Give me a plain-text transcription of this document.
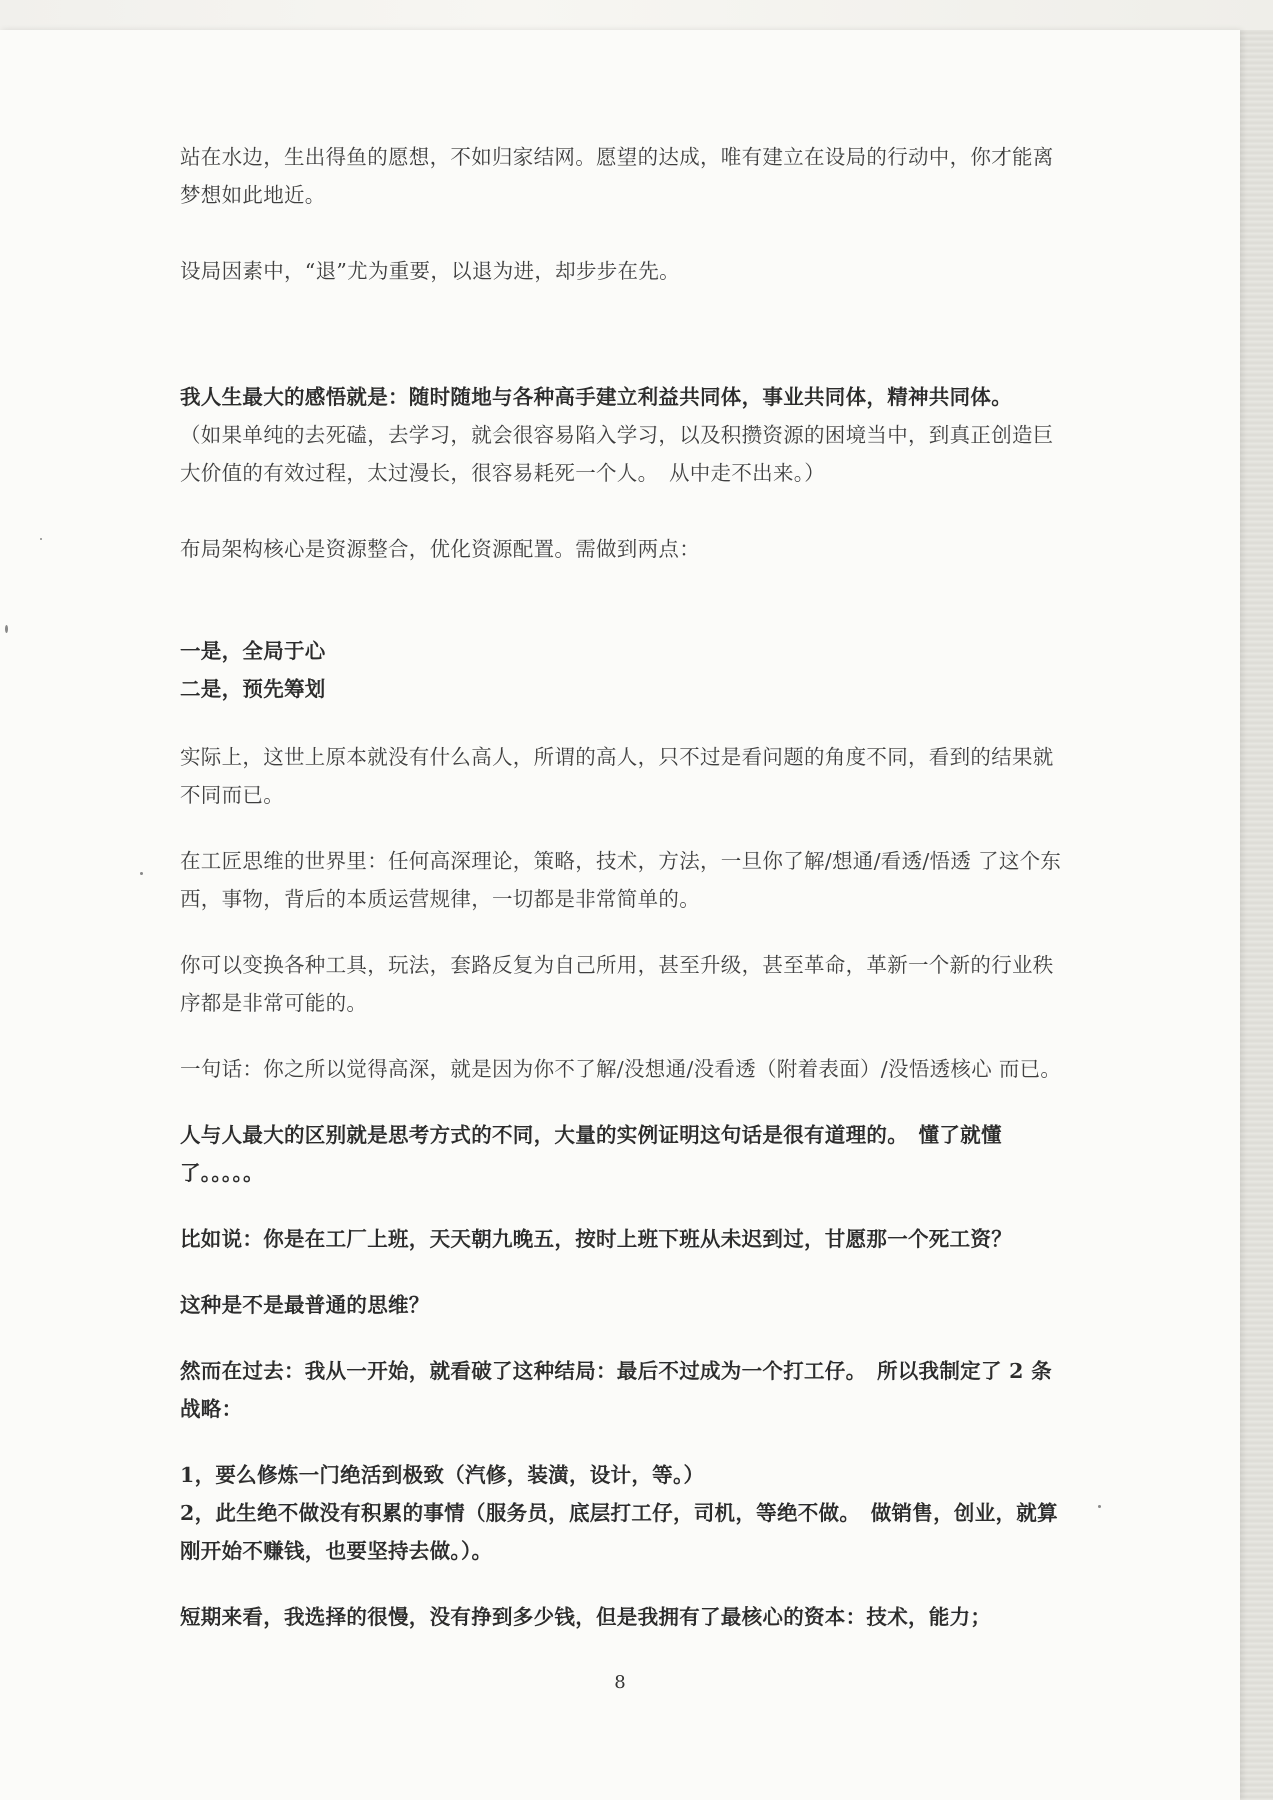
站在水边，生出得鱼的愿想，不如归家结网。愿望的达成，唯有建立在设局的行动中，你才能离梦想如此地近。

设局因素中，“退”尤为重要，以退为进，却步步在先。

我人生最大的感悟就是：随时随地与各种高手建立利益共同体，事业共同体，精神共同体。

（如果单纯的去死磕，去学习，就会很容易陷入学习，以及积攒资源的困境当中，到真正创造巨大价值的有效过程，太过漫长，很容易耗死一个人。　从中走不出来。）

布局架构核心是资源整合，优化资源配置。需做到两点：

一是，全局于心

二是，预先筹划

实际上，这世上原本就没有什么高人，所谓的高人，只不过是看问题的角度不同，看到的结果就不同而已。

在工匠思维的世界里：任何高深理论，策略，技术，方法，一旦你了解/想通/看透/悟透 了这个东西，事物，背后的本质运营规律，一切都是非常简单的。

你可以变换各种工具，玩法，套路反复为自己所用，甚至升级，甚至革命，革新一个新的行业秩序都是非常可能的。

一句话：你之所以觉得高深，就是因为你不了解/没想通/没看透（附着表面）/没悟透核心 而已。

人与人最大的区别就是思考方式的不同，大量的实例证明这句话是很有道理的。　懂了就懂了。。。。。

比如说：你是在工厂上班，天天朝九晚五，按时上班下班从未迟到过，甘愿那一个死工资？

这种是不是最普通的思维？

然而在过去：我从一开始，就看破了这种结局：最后不过成为一个打工仔。　所以我制定了 2 条战略：

1，要么修炼一门绝活到极致（汽修，装潢，设计，等。）

2，此生绝不做没有积累的事情（服务员，底层打工仔，司机，等绝不做。　做销售，创业，就算刚开始不赚钱，也要坚持去做。）。

短期来看，我选择的很慢，没有挣到多少钱，但是我拥有了最核心的资本：技术，能力；

8
